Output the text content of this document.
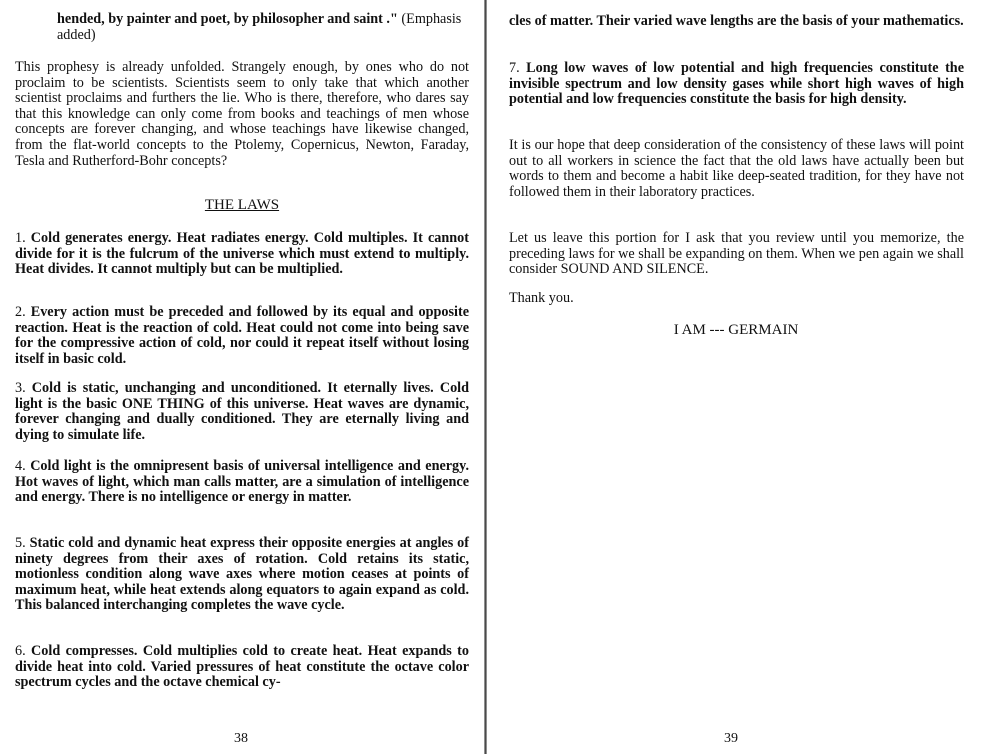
hended, by painter and poet, by philosopher and saint ." (Emphasis added)

This prophesy is already unfolded. Strangely enough, by ones who do not proclaim to be scientists. Scientists seem to only take that which another scientist proclaims and furthers the lie. Who is there, therefore, who dares say that this knowledge can only come from books and teachings of men whose concepts are forever changing, and whose teachings have likewise changed, from the flat-world concepts to the Ptolemy, Copernicus, Newton, Faraday, Tesla and Rutherford-Bohr concepts?

THE LAWS

1. Cold generates energy. Heat radiates energy. Cold multiples. It cannot divide for it is the fulcrum of the universe which must extend to multiply. Heat divides. It cannot multiply but can be multiplied.

2. Every action must be preceded and followed by its equal and opposite reaction. Heat is the reaction of cold. Heat could not come into being save for the compressive action of cold, nor could it repeat itself without losing itself in basic cold.

3. Cold is static, unchanging and unconditioned. It eternally lives. Cold light is the basic ONE THING of this universe. Heat waves are dynamic, forever changing and dually conditioned. They are eternally living and dying to simulate life.

4. Cold light is the omnipresent basis of universal intelligence and energy. Hot waves of light, which man calls matter, are a simulation of intelligence and energy. There is no intelligence or energy in matter.

5. Static cold and dynamic heat express their opposite energies at angles of ninety degrees from their axes of rotation. Cold retains its static, motionless condition along wave axes where motion ceases at points of maximum heat, while heat extends along equators to again expand as cold. This balanced interchanging completes the wave cycle.

6. Cold compresses. Cold multiplies cold to create heat. Heat expands to divide heat into cold. Varied pressures of heat constitute the octave color spectrum cycles and the octave chemical cy-

38

cles of matter. Their varied wave lengths are the basis of your mathematics.

7. Long low waves of low potential and high frequencies constitute the invisible spectrum and low density gases while short high waves of high potential and low frequencies constitute the basis for high density.

It is our hope that deep consideration of the consistency of these laws will point out to all workers in science the fact that the old laws have actually been but words to them and become a habit like deep-seated tradition, for they have not followed them in their laboratory practices.

Let us leave this portion for I ask that you review until you memorize, the preceding laws for we shall be expanding on them. When we pen again we shall consider SOUND AND SILENCE.

Thank you.

I AM --- GERMAIN
39
